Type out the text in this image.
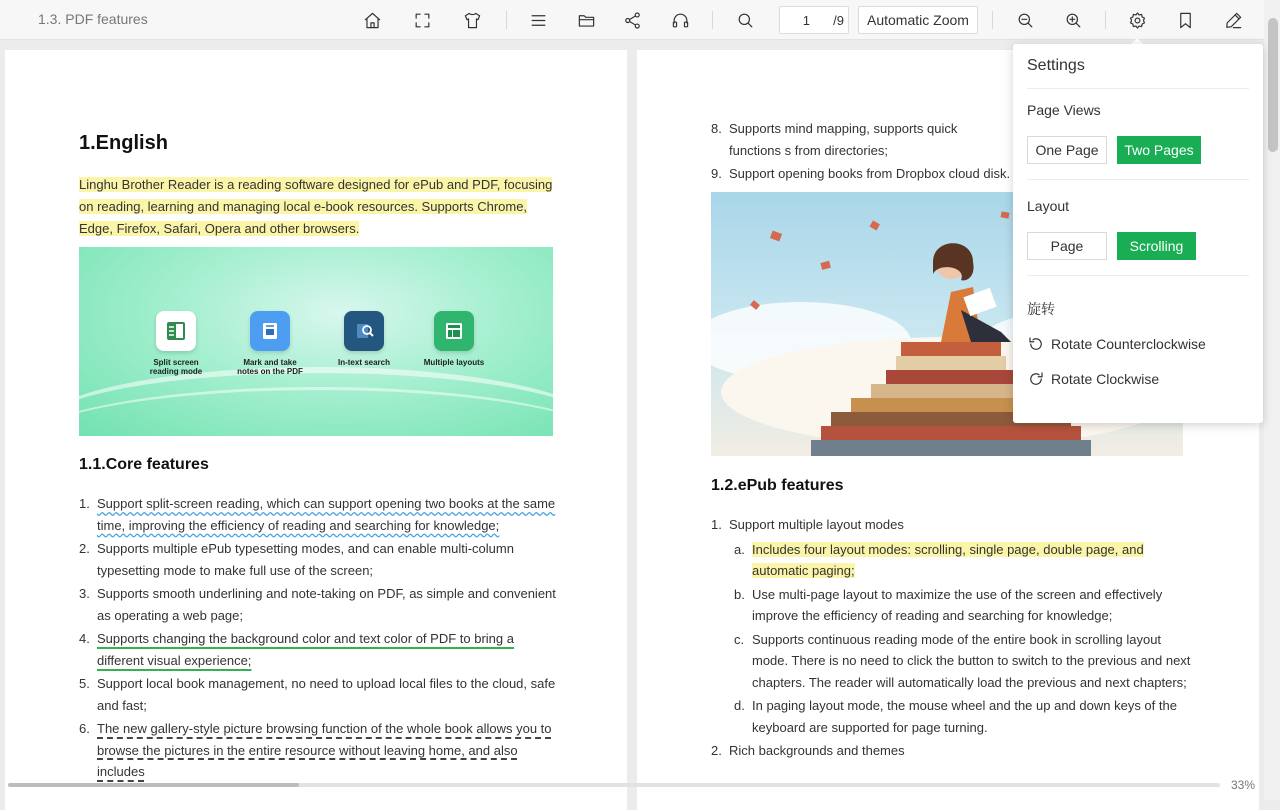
1.3. PDF features
1	/9	Automatic Zoom
1.English

Linghu Brother Reader is a reading software designed for ePub and PDF, focusing on reading, learning and managing local e-book resources. Supports Chrome, Edge, Firefox, Safari, Opera and other browsers.

Split screen
reading mode
Mark and take
notes on the PDF
In-text search	Multiple layouts
1.1.Core features
1. Support split-screen reading, which can support opening two books at the same time, improving the efficiency of reading and searching for knowledge;
2. Supports multiple ePub typesetting modes, and can enable multi-column typesetting mode to make full use of the screen;
3. Supports smooth underlining and note-taking on PDF, as simple and convenient as operating a web page;
4. Supports changing the background color and text color of PDF to bring a different visual experience;
5. Support local book management, no need to upload local files to the cloud, safe and fast;
6. The new gallery-style picture browsing function of the whole book allows you to browse the pictures in the entire resource without leaving home, and also includes
8. Supports mind mapping, supports quick functions s from directories;
9. Support opening books from Dropbox cloud disk.
1.2.ePub features
1. Support multiple layout modes
a. Includes four layout modes: scrolling, single page, double page, and automatic paging;
b. Use multi-page layout to maximize the use of the screen and effectively improve the efficiency of reading and searching for knowledge;
c. Supports continuous reading mode of the entire book in scrolling layout mode. There is no need to click the button to switch to the previous and next chapters. The reader will automatically load the previous and next chapters;
d. In paging layout mode, the mouse wheel and the up and down keys of the keyboard are supported for page turning.
2. Rich backgrounds and themes
33%
Settings
Page Views
One Page	Two Pages
Layout
Page	Scrolling
旋转
Rotate Counterclockwise
Rotate Clockwise
